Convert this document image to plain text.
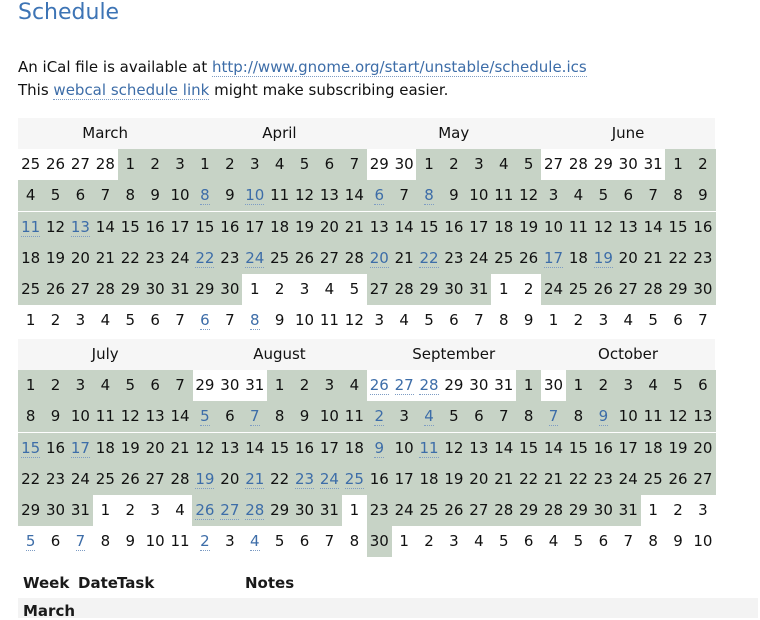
Schedule
An iCal file is available at http://www.gnome.org/start/unstable/schedule.ics
This webcal schedule link might make subscribing easier.
March
25 26 27 28 1	2	3
4	5	6	7	8	9 10
11 12 13 14 15 16 17
18 19 20 21 22 23 24
25 26 27 28 29 30 31
1	2	3	4	5	6	7
April
1	2	3	4	5	6	7
8	9 10 11 12 13 14
15 16 17 18 19 20 21
22 23 24 25 26 27 28
29 30 1	2	3	4	5
6	7	8	9 10 11 12
May
29 30 1	2	3	4	5
6	7	8	9 10 11 12
13 14 15 16 17 18 19
20 21 22 23 24 25 26
27 28 29 30 31 1	2
3	4	5	6	7	8	9
June
27 28 29 30 31 1	2
3	4	5	6	7	8	9
10 11 12 13 14 15 16
17 18 19 20 21 22 23
24 25 26 27 28 29 30
1	2	3	4	5	6	7
July
1	2	3	4	5	6	7
8	9 10 11 12 13 14
15 16 17 18 19 20 21
22 23 24 25 26 27 28
29 30 31 1	2	3	4
5	6	7	8	9 10 11
August
29 30 31 1	2	3	4
5	6	7	8	9 10 11
12 13 14 15 16 17 18
19 20 21 22 23 24 25
26 27 28 29 30 31 1
2	3	4	5	6	7	8
September
26 27 28 29 30 31 1
2	3	4	5	6	7	8
9 10 11 12 13 14 15
16 17 18 19 20 21 22
23 24 25 26 27 28 29
30 1	2	3	4	5	6
October
30 1	2	3	4	5	6
7	8	9 10 11 12 13
14 15 16 17 18 19 20
21 22 23 24 25 26 27
28 29 30 31 1	2	3
4	5	6	7	8	9 10
Week Date Task	Notes
March
